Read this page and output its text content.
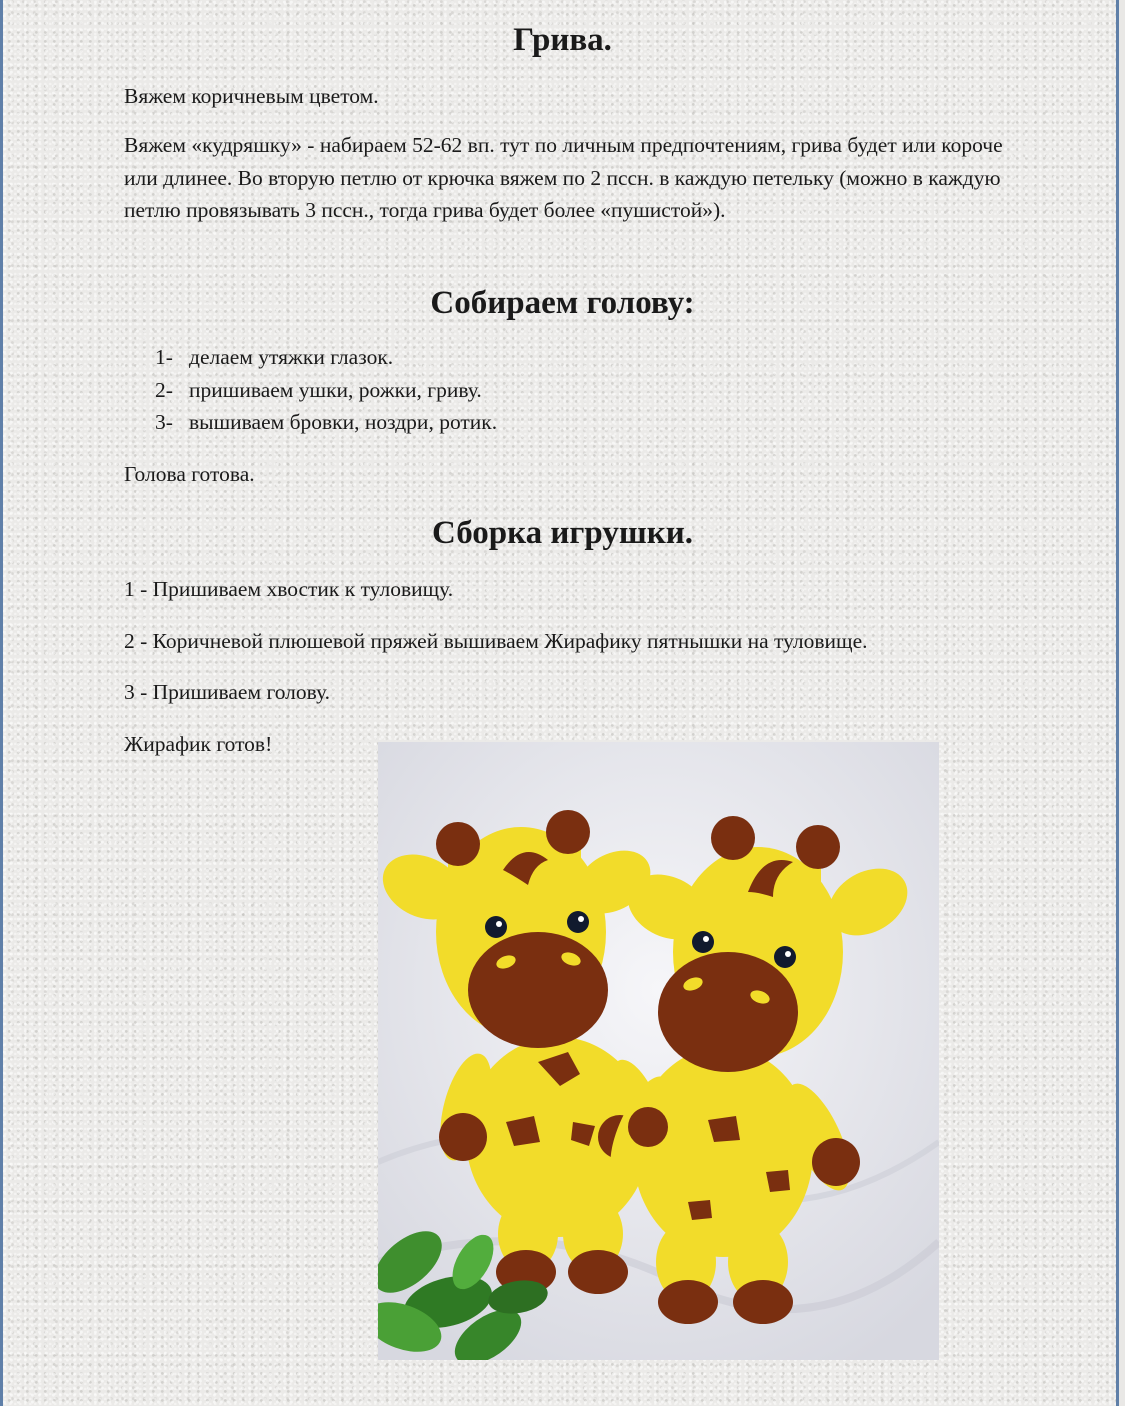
Грива.

Вяжем коричневым цветом.

Вяжем «кудряшку» - набираем 52-62 вп. тут по личным предпочтениям, грива будет или короче или длинее. Во вторую петлю от крючка вяжем по 2 пссн. в каждую петельку (можно в каждую петлю провязывать 3 пссн., тогда грива будет более «пушистой»).

Собираем голову:
1- делаем утяжки глазок.
2- пришиваем ушки, рожки, гриву.
3- вышиваем бровки, ноздри, ротик.

Голова готова.

Сборка игрушки.

1 - Пришиваем хвостик к туловищу.

2 - Коричневой плюшевой пряжей вышиваем Жирафику пятнышки на туловище.

3 - Пришиваем голову.

Жирафик готов!
